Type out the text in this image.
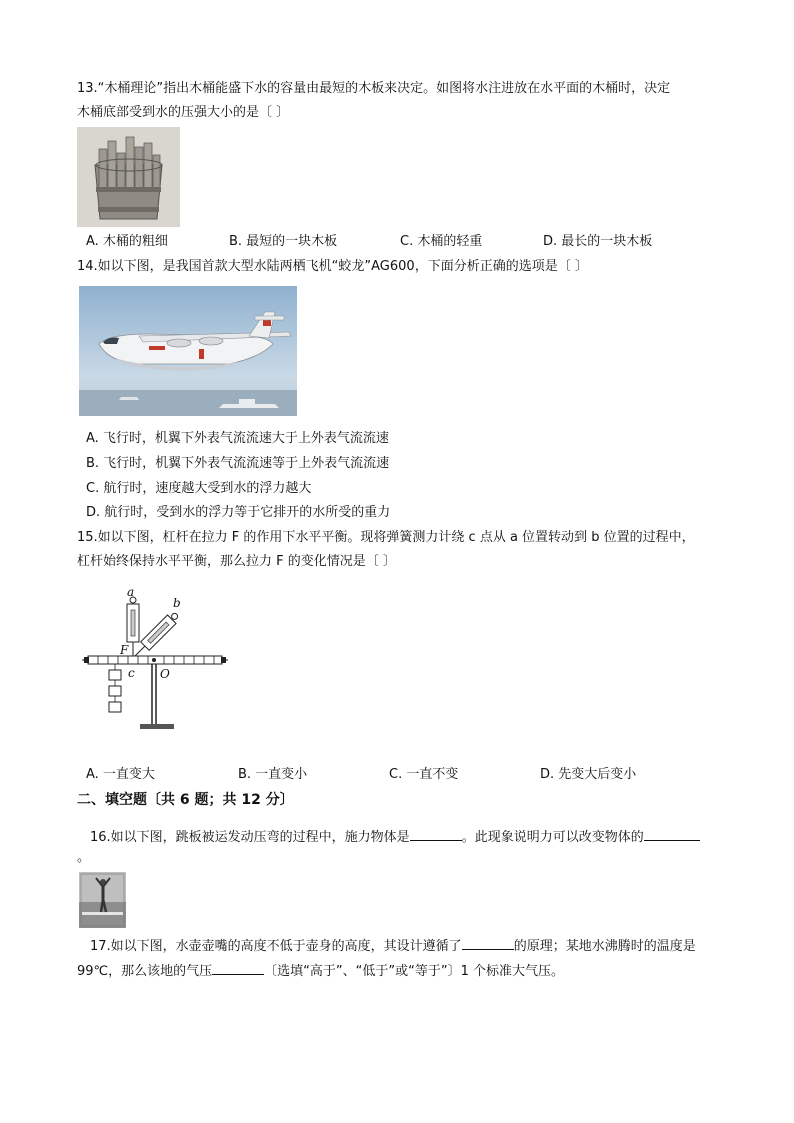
13.“木桶理论”指出木桶能盛下水的容量由最短的木板来决定。如图将水注进放在水平面的木桶时，决定
木桶底部受到水的压强大小的是〔 〕
A. 木桶的粗细	B. 最短的一块木板	C. 木桶的轻重	D. 最长的一块木板
14.如以下图，是我国首款大型水陆两栖飞机“蛟龙”AG600，下面分析正确的选项是〔 〕
A. 飞行时，机翼下外表气流流速大于上外表气流流速
B. 飞行时，机翼下外表气流流速等于上外表气流流速
C. 航行时，速度越大受到水的浮力越大
D. 航行时，受到水的浮力等于它排开的水所受的重力
15.如以下图，杠杆在拉力 F 的作用下水平平衡。现将弹簧测力计绕 c 点从 a 位置转动到 b 位置的过程中，
杠杆始终保持水平平衡，那么拉力 F 的变化情况是〔 〕
a
b
F
c O
A. 一直变大	B. 一直变小	C. 一直不变	D. 先变大后变小
二、填空题〔共 6 题；共 12 分〕
16.如以下图，跳板被运发动压弯的过程中，施力物体是	。此现象说明力可以改变物体的
。
17.如以下图，水壶壶嘴的高度不低于壶身的高度，其设计遵循了	的原理；某地水沸腾时的温度是
99℃，那么该地的气压	〔选填“高于”、“低于”或“等于”〕1 个标准大气压。
